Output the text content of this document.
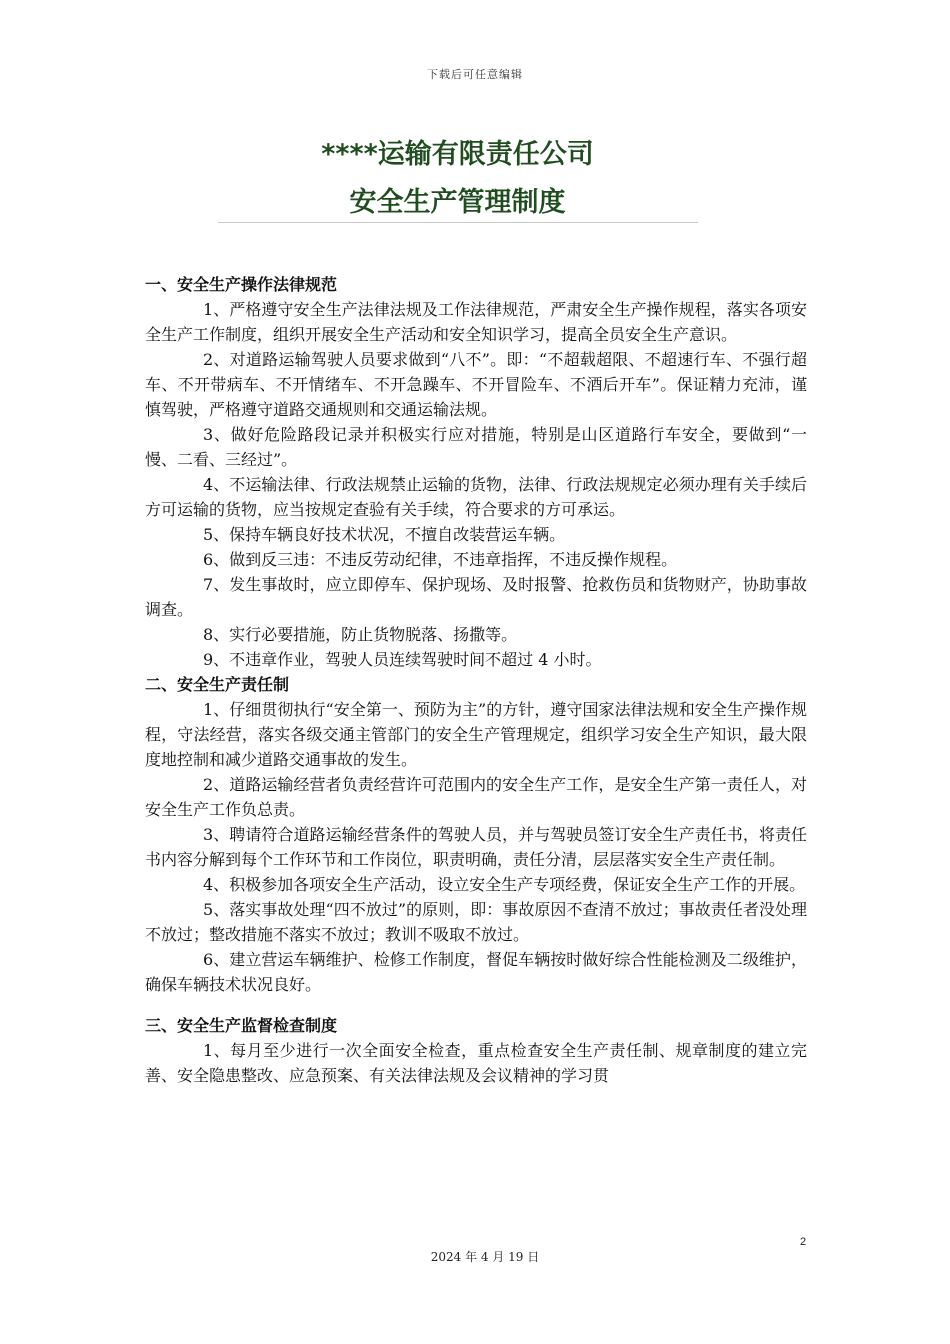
下载后可任意编辑
****运输有限责任公司
安全生产管理制度
一、安全生产操作法律规范

1、严格遵守安全生产法律法规及工作法律规范，严肃安全生产操作规程，落实各项安全生产工作制度，组织开展安全生产活动和安全知识学习，提高全员安全生产意识。

2、对道路运输驾驶人员要求做到“八不”。即：“不超载超限、不超速行车、不强行超车、不开带病车、不开情绪车、不开急躁车、不开冒险车、不酒后开车”。保证精力充沛，谨慎驾驶，严格遵守道路交通规则和交通运输法规。

3、做好危险路段记录并积极实行应对措施，特别是山区道路行车安全，要做到“一慢、二看、三经过”。

4、不运输法律、行政法规禁止运输的货物，法律、行政法规规定必须办理有关手续后方可运输的货物，应当按规定查验有关手续，符合要求的方可承运。

5、保持车辆良好技术状况，不擅自改装营运车辆。

6、做到反三违：不违反劳动纪律，不违章指挥，不违反操作规程。

7、发生事故时，应立即停车、保护现场、及时报警、抢救伤员和货物财产，协助事故调查。

8、实行必要措施，防止货物脱落、扬撒等。

9、不违章作业，驾驶人员连续驾驶时间不超过 4 小时。

二、安全生产责任制

1、仔细贯彻执行“安全第一、预防为主”的方针，遵守国家法律法规和安全生产操作规程，守法经营，落实各级交通主管部门的安全生产管理规定，组织学习安全生产知识，最大限度地控制和减少道路交通事故的发生。

2、道路运输经营者负责经营许可范围内的安全生产工作，是安全生产第一责任人，对安全生产工作负总责。

3、聘请符合道路运输经营条件的驾驶人员，并与驾驶员签订安全生产责任书，将责任书内容分解到每个工作环节和工作岗位，职责明确，责任分清，层层落实安全生产责任制。

4、积极参加各项安全生产活动，设立安全生产专项经费，保证安全生产工作的开展。

5、落实事故处理“四不放过”的原则，即：事故原因不查清不放过；事故责任者没处理不放过；整改措施不落实不放过；教训不吸取不放过。

6、建立营运车辆维护、检修工作制度，督促车辆按时做好综合性能检测及二级维护，确保车辆技术状况良好。

三、安全生产监督检查制度

1、每月至少进行一次全面安全检查，重点检查安全生产责任制、规章制度的建立完善、安全隐患整改、应急预案、有关法律法规及会议精神的学习贯

2
2024 年 4 月 19 日
